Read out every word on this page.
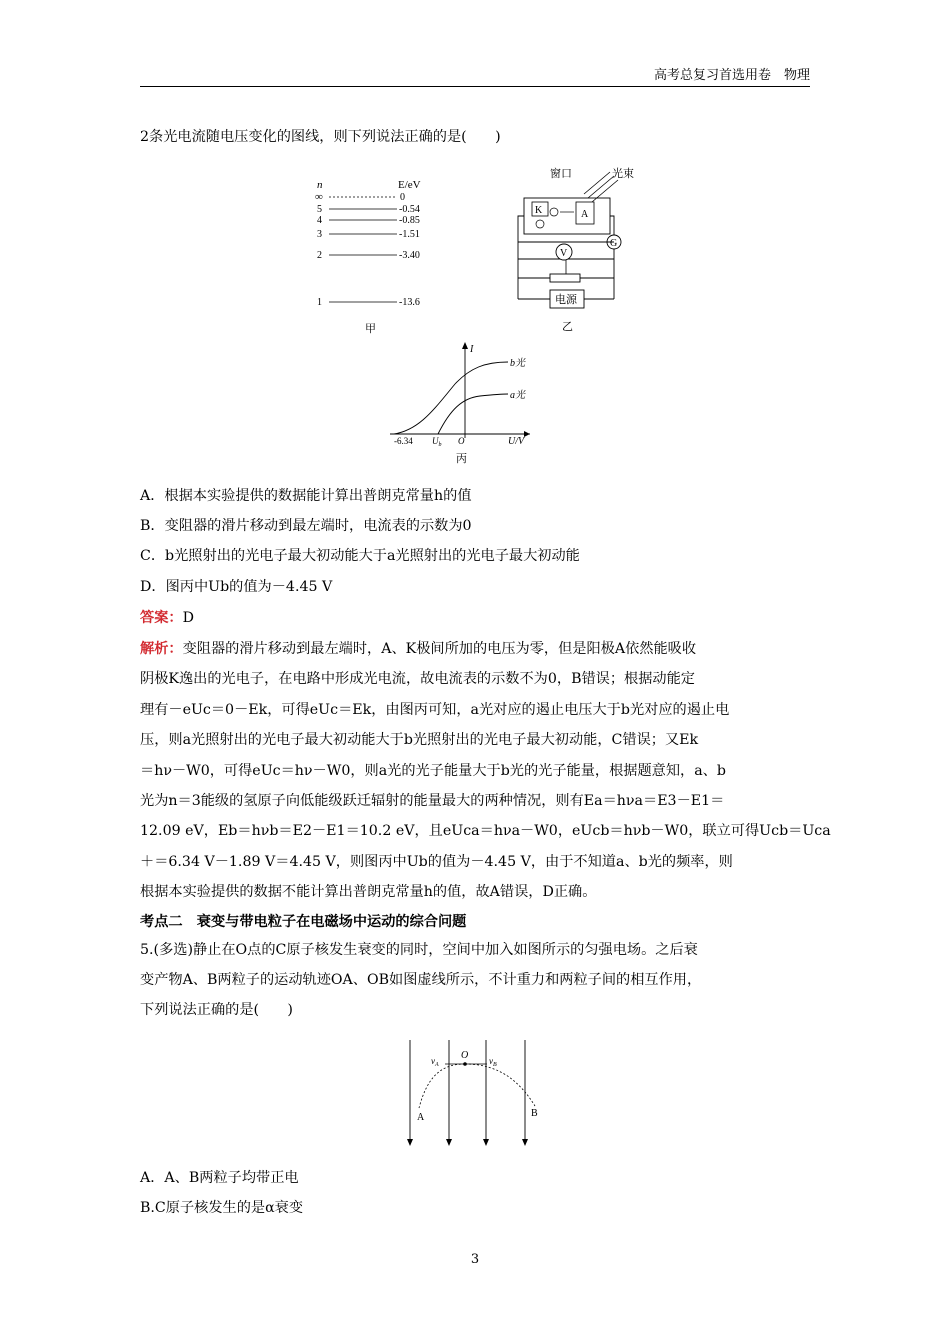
高考总复习首选用卷　物理
2条光电流随电压变化的图线，则下列说法正确的是(　　)
n	E/eV
∞	0
5	-0.54
4	-0.85
3	-1.51
2	-3.40
1	-13.6
甲
窗口	光束
K	A
G
V
电源
乙
I
U/V
b光
a光
-6.34 $U_b$ O
丙
A．根据本实验提供的数据能计算出普朗克常量h的值
B．变阻器的滑片移动到最左端时，电流表的示数为0
C．b光照射出的光电子最大初动能大于a光照射出的光电子最大初动能
D．图丙中Ub的值为－4.45 V
答案：D
解析：变阻器的滑片移动到最左端时，A、K极间所加的电压为零，但是阳极A依然能吸收
阴极K逸出的光电子，在电路中形成光电流，故电流表的示数不为0，B错误；根据动能定
理有－eUc＝0－Ek，可得eUc＝Ek，由图丙可知，a光对应的遏止电压大于b光对应的遏止电
压，则a光照射出的光电子最大初动能大于b光照射出的光电子最大初动能，C错误；又Ek
＝hν－W0，可得eUc＝hν－W0，则a光的光子能量大于b光的光子能量，根据题意知，a、b
光为n＝3能级的氢原子向低能级跃迁辐射的能量最大的两种情况，则有Ea＝hνa＝E3－E1＝
12.09 eV，Eb＝hνb＝E2－E1＝10.2 eV，且eUca＝hνa－W0，eUcb＝hνb－W0，联立可得Ucb＝Uca
＋＝6.34 V－1.89 V＝4.45 V，则图丙中Ub的值为－4.45 V，由于不知道a、b光的频率，则
根据本实验提供的数据不能计算出普朗克常量h的值，故A错误，D正确。
考点二　衰变与带电粒子在电磁场中运动的综合问题
5.(多选)静止在O点的C原子核发生衰变的同时，空间中加入如图所示的匀强电场。之后衰
变产物A、B两粒子的运动轨迹OA、OB如图虚线所示，不计重力和两粒子间的相互作用，
下列说法正确的是(　　)
O
$v_A$	$v_B$
A	B
A．A、B两粒子均带正电
B.C原子核发生的是α衰变
3
